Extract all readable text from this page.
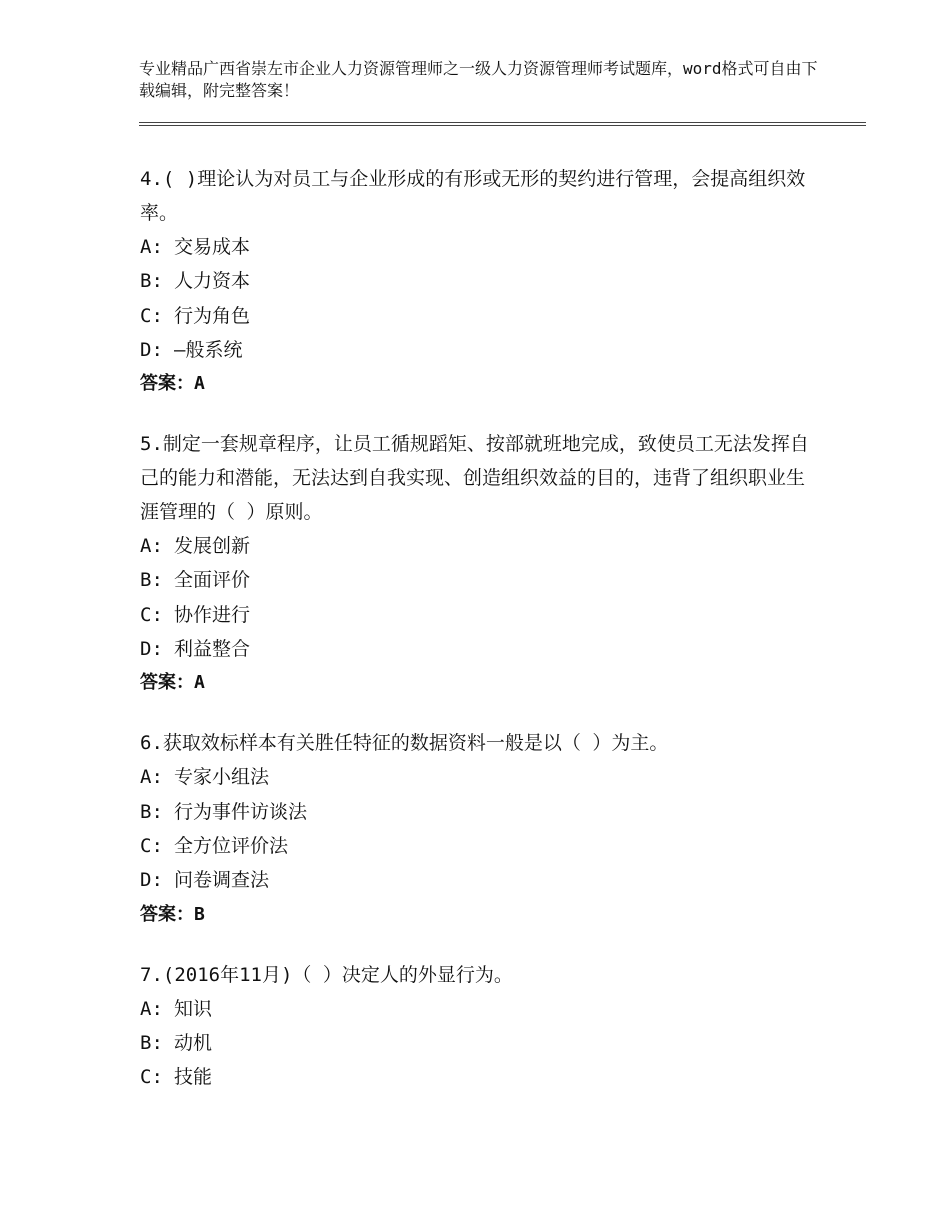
专业精品广西省崇左市企业人力资源管理师之一级人力资源管理师考试题库，word格式可自由下载编辑，附完整答案！
4.( )理论认为对员工与企业形成的有形或无形的契约进行管理，会提高组织效率。
A: 交易成本
B: 人力资本
C: 行为角色
D: —般系统
答案：A
5.制定一套规章程序，让员工循规蹈矩、按部就班地完成，致使员工无法发挥自己的能力和潜能，无法达到自我实现、创造组织效益的目的，违背了组织职业生涯管理的（ ）原则。
A: 发展创新
B: 全面评价
C: 协作进行
D: 利益整合
答案：A
6.获取效标样本有关胜任特征的数据资料一般是以（ ）为主。
A: 专家小组法
B: 行为事件访谈法
C: 全方位评价法
D: 问卷调查法
答案：B
7.(2016年11月)（ ）决定人的外显行为。
A: 知识
B: 动机
C: 技能
